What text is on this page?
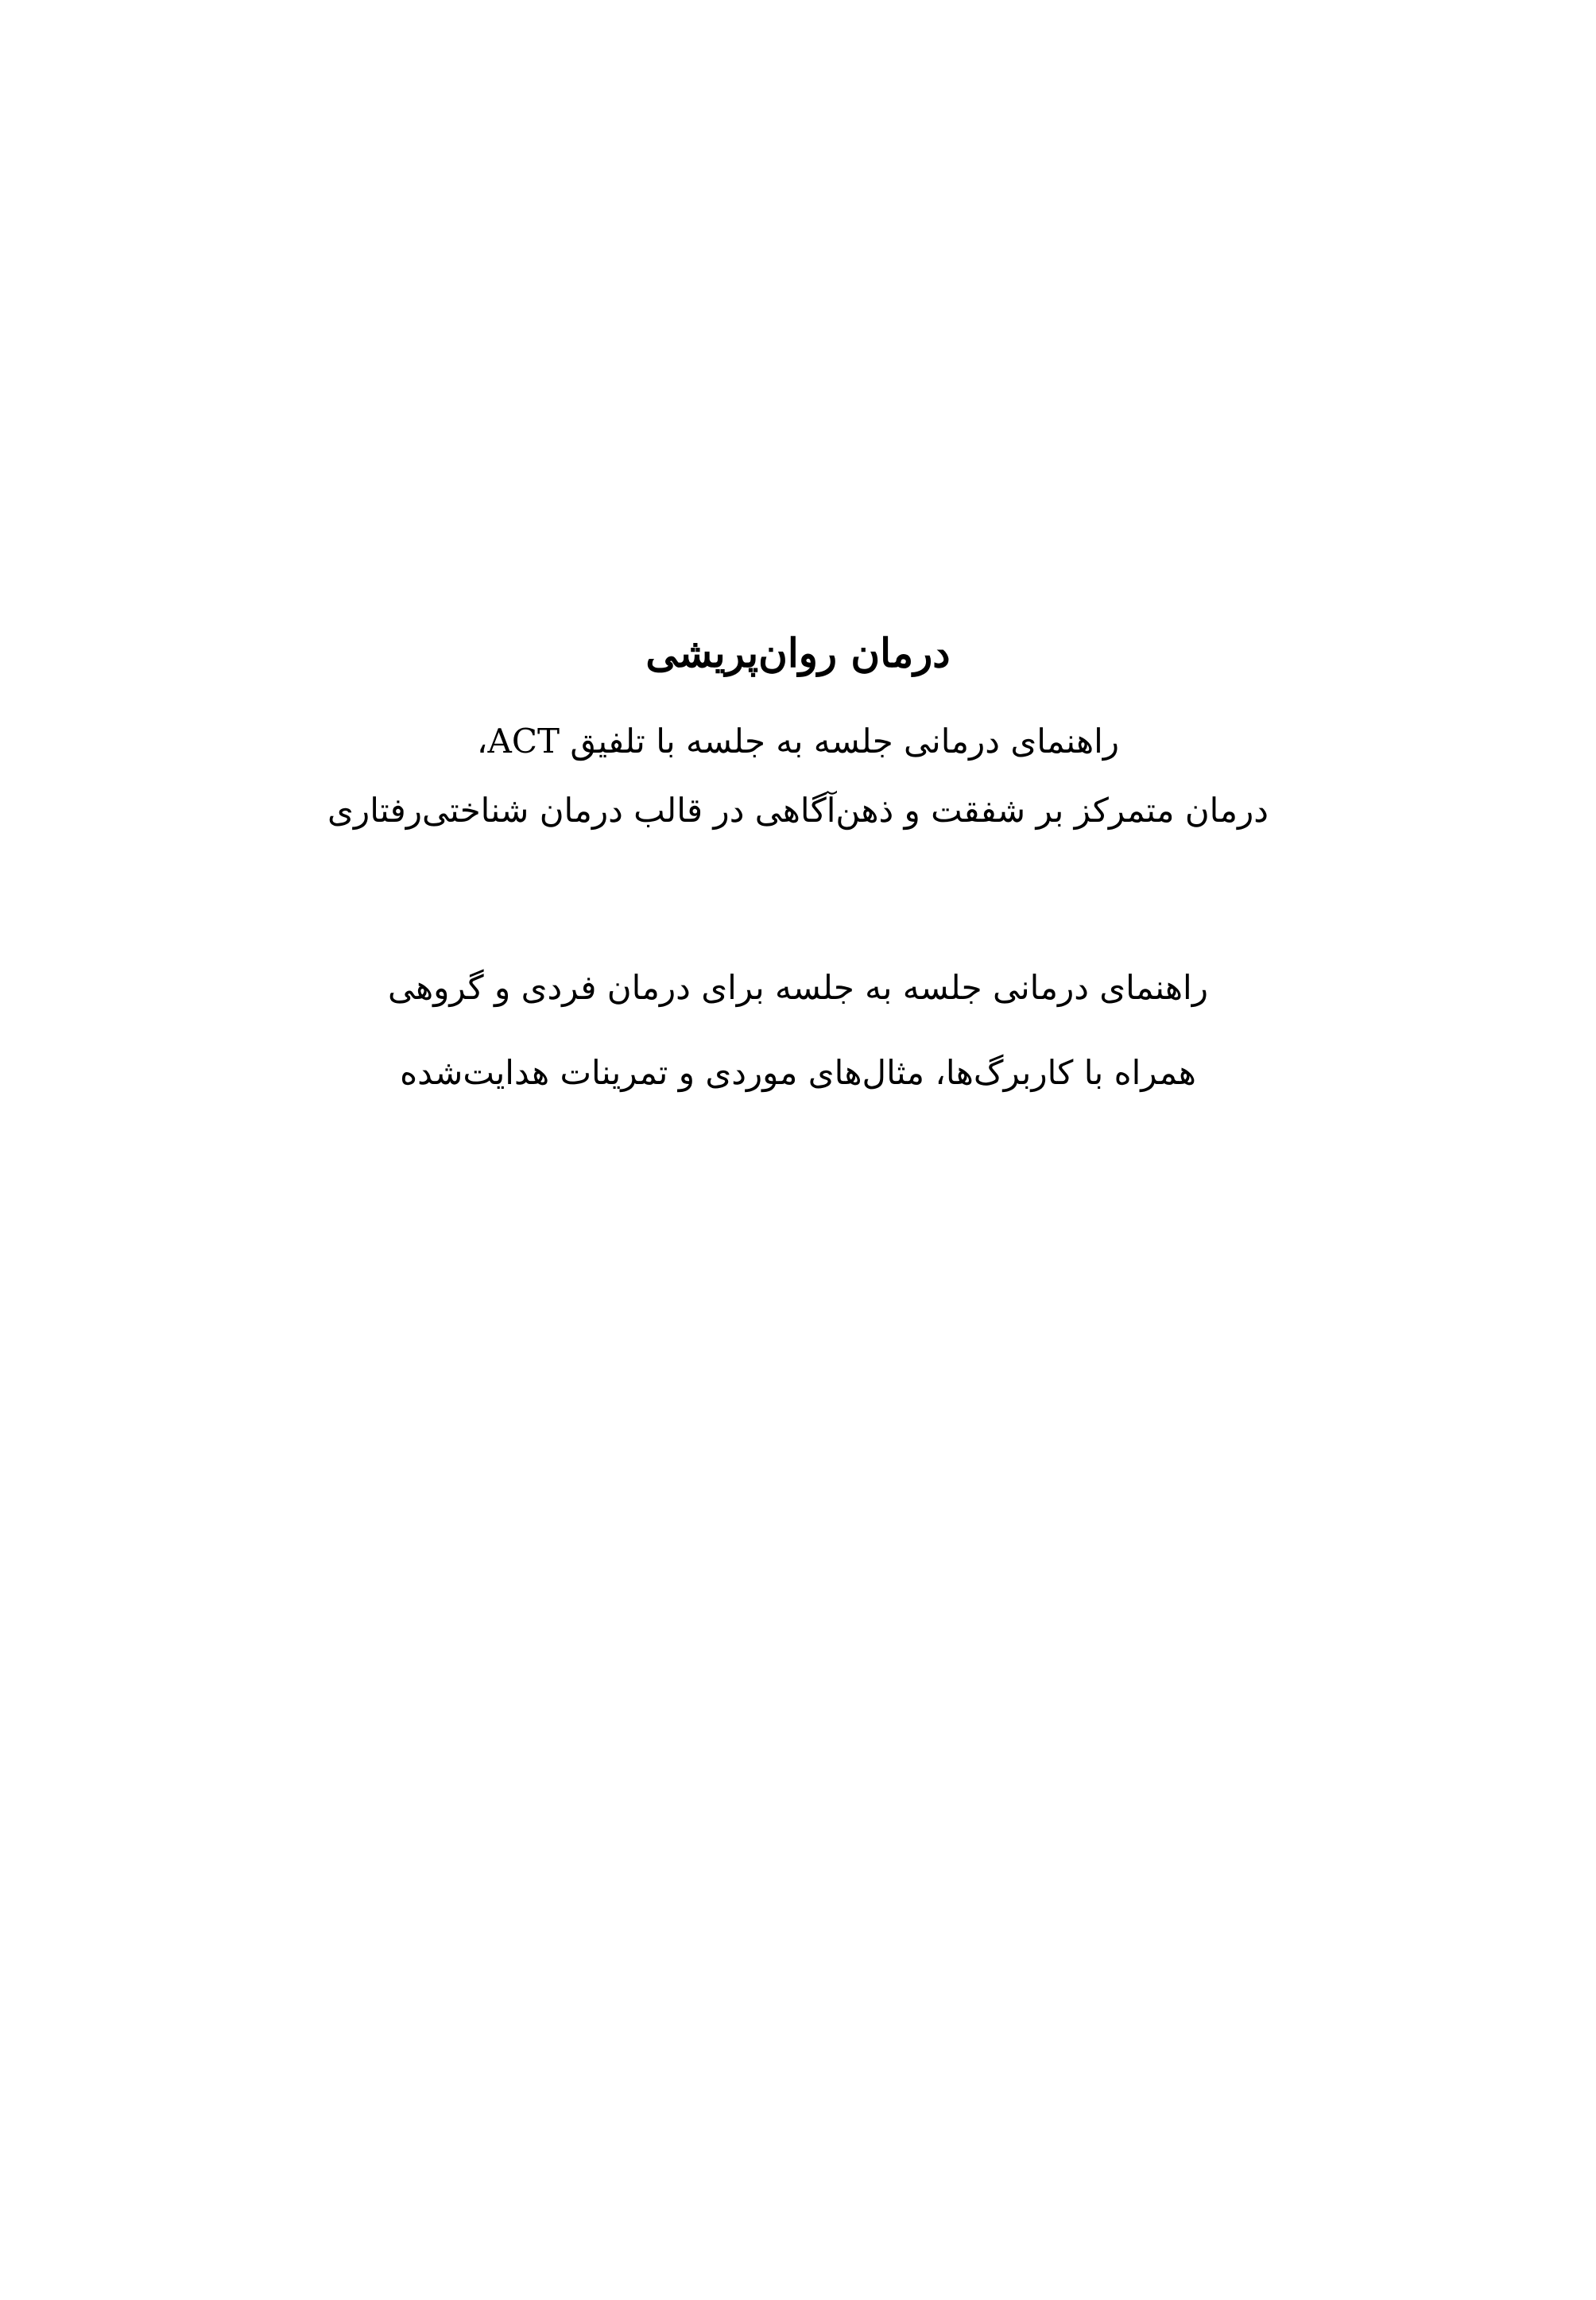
درمان روان‌پریشی
راهنمای درمانی جلسه به جلسه با تلفیق ACT،
درمان متمرکز بر شفقت و ذهن‌آگاهی در قالب درمان شناختی‌رفتاری
راهنمای درمانی جلسه به جلسه برای درمان فردی و گروهی
همراه با کاربرگ‌ها، مثال‌های موردی و تمرینات هدایت‌شده
